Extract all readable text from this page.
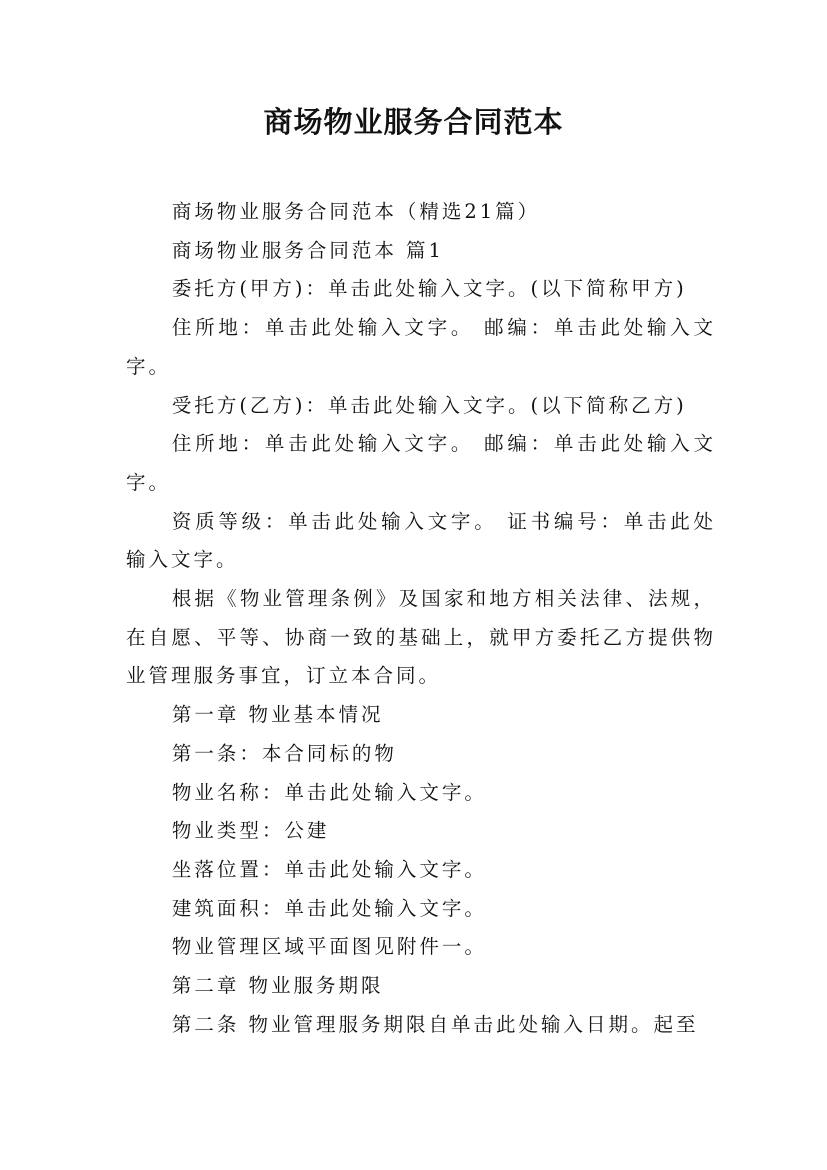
商场物业服务合同范本

商场物业服务合同范本（精选21篇）

商场物业服务合同范本 篇1

委托方(甲方)：单击此处输入文字。(以下简称甲方)

住所地：单击此处输入文字。 邮编：单击此处输入文字。

受托方(乙方)：单击此处输入文字。(以下简称乙方)

住所地：单击此处输入文字。 邮编：单击此处输入文字。

资质等级：单击此处输入文字。 证书编号：单击此处输入文字。

根据《物业管理条例》及国家和地方相关法律、法规，在自愿、平等、协商一致的基础上，就甲方委托乙方提供物业管理服务事宜，订立本合同。

第一章 物业基本情况

第一条：本合同标的物

物业名称：单击此处输入文字。

物业类型：公建

坐落位置：单击此处输入文字。

建筑面积：单击此处输入文字。

物业管理区域平面图见附件一。

第二章 物业服务期限

第二条 物业管理服务期限自单击此处输入日期。起至
